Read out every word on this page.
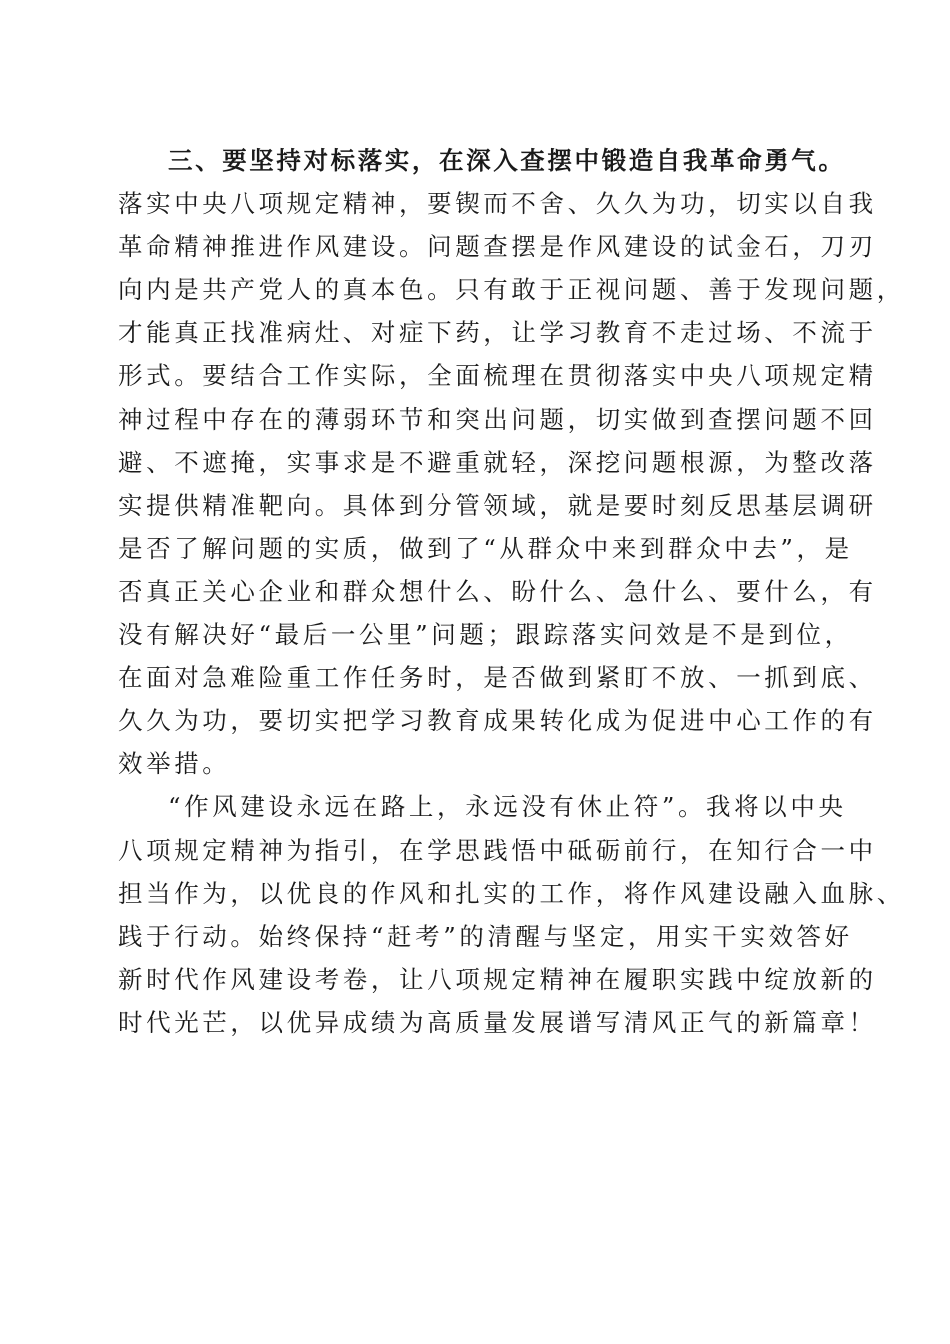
三、要坚持对标落实，在深入查摆中锻造自我革命勇气。

落实中央八项规定精神，要锲而不舍、久久为功，切实以自我
革命精神推进作风建设。问题查摆是作风建设的试金石，刀刃
向内是共产党人的真本色。只有敢于正视问题、善于发现问题，
才能真正找准病灶、对症下药，让学习教育不走过场、不流于
形式。要结合工作实际，全面梳理在贯彻落实中央八项规定精
神过程中存在的薄弱环节和突出问题，切实做到查摆问题不回
避、不遮掩，实事求是不避重就轻，深挖问题根源，为整改落
实提供精准靶向。具体到分管领域，就是要时刻反思基层调研
是否了解问题的实质，做到了“从群众中来到群众中去”，是
否真正关心企业和群众想什么、盼什么、急什么、要什么，有
没有解决好“最后一公里”问题；跟踪落实问效是不是到位，
在面对急难险重工作任务时，是否做到紧盯不放、一抓到底、
久久为功，要切实把学习教育成果转化成为促进中心工作的有
效举措。
“作风建设永远在路上，永远没有休止符”。我将以中央
八项规定精神为指引，在学思践悟中砥砺前行，在知行合一中
担当作为，以优良的作风和扎实的工作，将作风建设融入血脉、
践于行动。始终保持“赶考”的清醒与坚定，用实干实效答好
新时代作风建设考卷，让八项规定精神在履职实践中绽放新的
时代光芒，以优异成绩为高质量发展谱写清风正气的新篇章！
